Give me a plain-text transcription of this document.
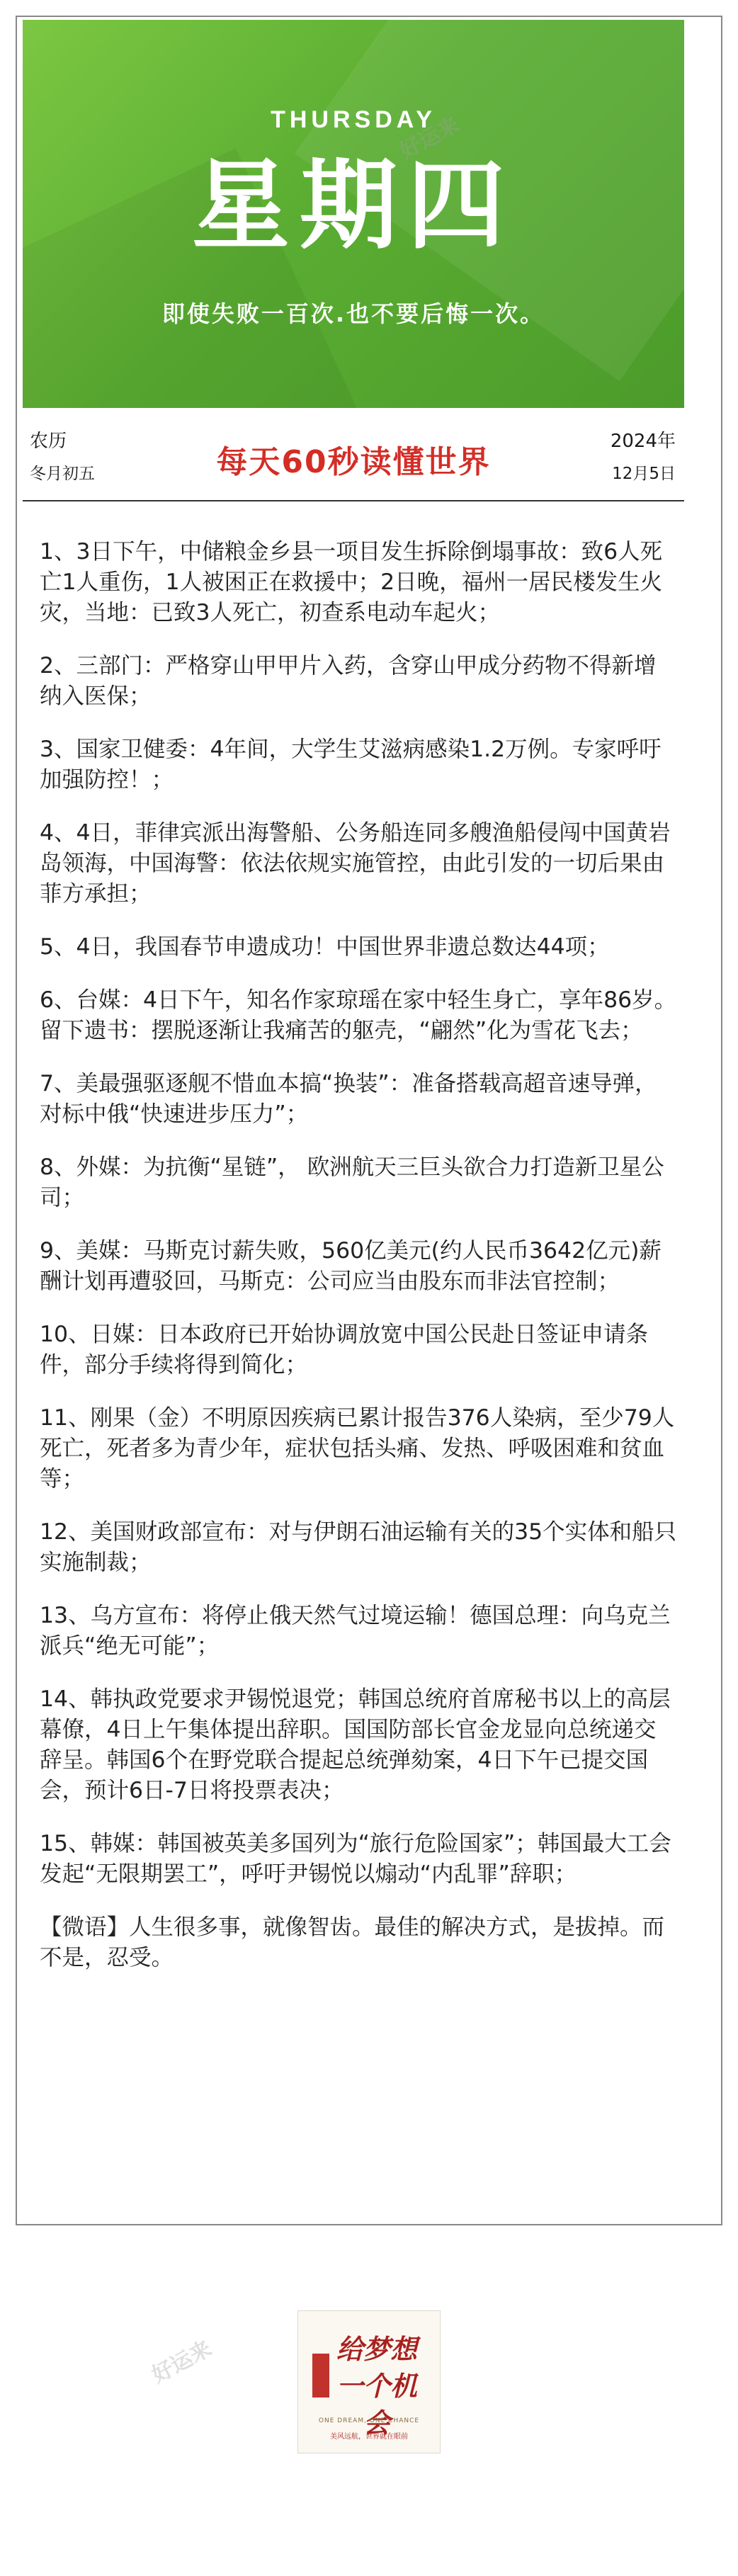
THURSDAY
星期四
即使失败一百次.也不要后悔一次。
好运来
农历
冬月初五	每天60秒读懂世界
2024年
12月5日

1、3日下午，中储粮金乡县一项目发生拆除倒塌事故：致6人死亡1人重伤，1人被困正在救援中；2日晚，福州一居民楼发生火灾，当地：已致3人死亡，初查系电动车起火；

2、三部门：严格穿山甲甲片入药，含穿山甲成分药物不得新增纳入医保；

3、国家卫健委：4年间，大学生艾滋病感染1.2万例。专家呼吁加强防控！；

4、4日，菲律宾派出海警船、公务船连同多艘渔船侵闯中国黄岩岛领海，中国海警：依法依规实施管控，由此引发的一切后果由菲方承担；

5、4日，我国春节申遗成功！中国世界非遗总数达44项；

6、台媒：4日下午，知名作家琼瑶在家中轻生身亡，享年86岁。留下遗书：摆脱逐渐让我痛苦的躯壳，“翩然”化为雪花飞去；

7、美最强驱逐舰不惜血本搞“换装”：准备搭载高超音速导弹，对标中俄“快速进步压力”；

8、外媒：为抗衡“星链”， 欧洲航天三巨头欲合力打造新卫星公司；

9、美媒：马斯克讨薪失败，560亿美元(约人民币3642亿元)薪酬计划再遭驳回，马斯克：公司应当由股东而非法官控制；

10、日媒：日本政府已开始协调放宽中国公民赴日签证申请条件，部分手续将得到简化；

11、刚果（金）不明原因疾病已累计报告376人染病，至少79人死亡，死者多为青少年，症状包括头痛、发热、呼吸困难和贫血等；

12、美国财政部宣布：对与伊朗石油运输有关的35个实体和船只实施制裁；

13、乌方宣布：将停止俄天然气过境运输！德国总理：向乌克兰派兵“绝无可能”；

14、韩执政党要求尹锡悦退党；韩国总统府首席秘书以上的高层幕僚，4日上午集体提出辞职。国国防部长官金龙显向总统递交辞呈。韩国6个在野党联合提起总统弹劾案，4日下午已提交国会，预计6日-7日将投票表决；

15、韩媒：韩国被英美多国列为“旅行危险国家”；韩国最大工会发起“无限期罢工”，呼吁尹锡悦以煽动“内乱罪”辞职；

【微语】人生很多事，就像智齿。最佳的解决方式，是拔掉。而不是，忍受。

好运来	给梦想一个机会
ONE DREAM, ONE CHANCE
美风远航，世界就在眼前
